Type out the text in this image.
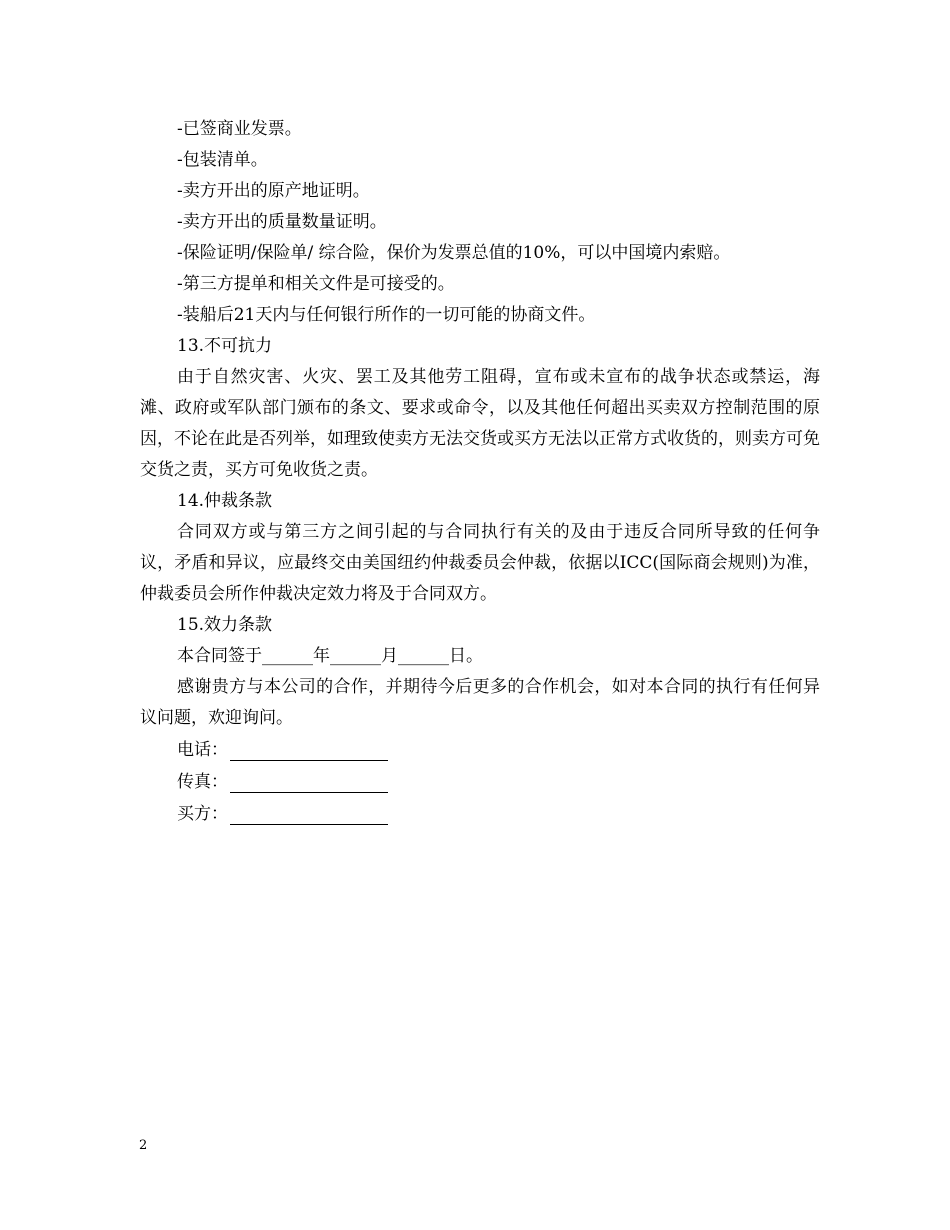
-已签商业发票。
-包装清单。
-卖方开出的原产地证明。
-卖方开出的质量数量证明。
-保险证明/保险单/ 综合险，保价为发票总值的10%，可以中国境内索赔。
-第三方提单和相关文件是可接受的。
-装船后21天内与任何银行所作的一切可能的协商文件。
13.不可抗力

由于自然灾害、火灾、罢工及其他劳工阻碍，宣布或未宣布的战争状态或禁运，海滩、政府或军队部门颁布的条文、要求或命令，以及其他任何超出买卖双方控制范围的原因，不论在此是否列举，如理致使卖方无法交货或买方无法以正常方式收货的，则卖方可免交货之责，买方可免收货之责。

14.仲裁条款

合同双方或与第三方之间引起的与合同执行有关的及由于违反合同所导致的任何争议，矛盾和异议，应最终交由美国纽约仲裁委员会仲裁，依据以ICC(国际商会规则)为准，仲裁委员会所作仲裁决定效力将及于合同双方。

15.效力条款
本合同签于______年______月______日。

感谢贵方与本公司的合作，并期待今后更多的合作机会，如对本合同的执行有任何异议问题，欢迎询问。

电话：
传真：
买方：
2
